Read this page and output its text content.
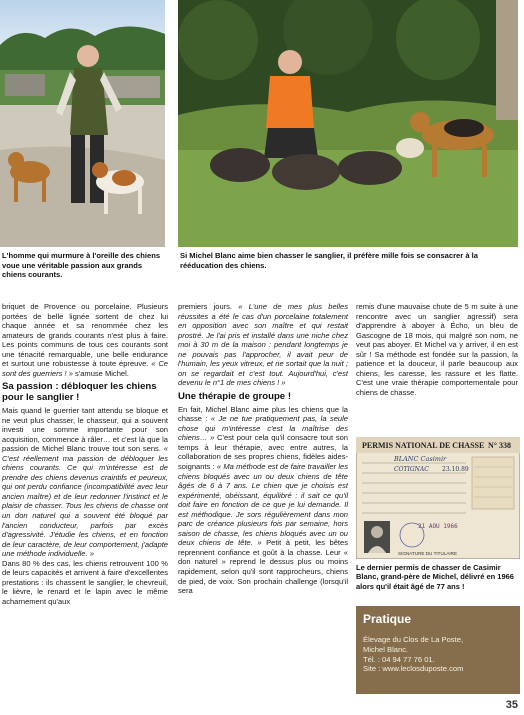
L'homme qui murmure à l'oreille des chiens voue une véritable passion aux grands chiens courants.
Si Michel Blanc aime bien chasser le sanglier, il préfère mille fois se consacrer à la rééducation des chiens.

briquet de Provence ou porcelaine. Plusieurs portées de belle lignée sortent de chez lui chaque année et sa renommée chez les amateurs de grands courants n'est plus à faire. Les points communs de tous ces courants sont une ténacité remarquable, une belle endurance et surtout une robustesse à toute épreuve. « Ce sont des guerriers ! » s'amuse Michel.

Sa passion : débloquer les chiens pour le sanglier !

Mais quand le guerrier tant attendu se bloque et ne veut plus chasser, le chasseur, qui a souvent investi une somme importante pour son acquisition, commence à râler… et c'est là que la passion de Michel Blanc trouve tout son sens. « C'est réellement ma passion de débloquer les chiens courants. Ce qui m'intéresse est de prendre des chiens devenus craintifs et peureux, qui ont perdu confiance (incompatibilité avec leur ancien maître) et de leur redonner l'instinct et le plaisir de chasser. Tous les chiens de chasse ont un don naturel qui a souvent été bloqué par l'ancien conducteur, parfois par excès d'agressivité. J'étudie les chiens, et en fonction de leur caractère, de leur comportement, j'adapte une méthode individuelle. »

Dans 80 % des cas, les chiens retrouvent 100 % de leurs capacités et arrivent à faire d'excellentes prestations : ils chassent le sanglier, le chevreuil, le lièvre, le renard et le lapin avec le même acharnement qu'aux

premiers jours. « L'une de mes plus belles réussites a été le cas d'un porcelaine totalement en opposition avec son maître et qui restait prostré. Je l'ai pris et installé dans une niche chez moi à 30 m de la maison : pendant longtemps je ne pouvais pas l'approcher, il avait peur de l'humain, les yeux vitreux, et ne sortait que la nuit ; on se regardait et c'est tout. Aujourd'hui, c'est devenu le n°1 de mes chiens ! »

Une thérapie de groupe !

En fait, Michel Blanc aime plus les chiens que la chasse : « Je ne tue pratiquement pas, la seule chose qui m'intéresse c'est la maîtrise des chiens… » C'est pour cela qu'il consacre tout son temps à leur thérapie, avec entre autres, la collaboration de ses propres chiens, fidèles aides-soignants : « Ma méthode est de faire travailler les chiens bloqués avec un ou deux chiens de tête âgés de 6 à 7 ans. Le chien que je choisis est expérimenté, obéissant, équilibré : il sait ce qu'il doit faire en fonction de ce que je lui demande. Il est méthodique. Je sors régulièrement dans mon parc de créance plusieurs fois par semaine, hors saison de chasse, les chiens bloqués avec un ou deux chiens de tête. » Petit à petit, les bêtes reprennent confiance et goût à la chasse. Leur « don naturel » reprend le dessus plus ou moins rapidement, selon qu'il sont rapprocheurs, chiens de pied, de voix. Son prochain challenge (lorsqu'il sera

remis d'une mauvaise chute de 5 m suite à une rencontre avec un sanglier agressif) sera d'apprendre à aboyer à Écho, un bleu de Gascogne de 18 mois, qui malgré son nom, ne veut pas aboyer. Et Michel va y arriver, il en est sûr ! Sa méthode est fondée sur la passion, la patience et la douceur, il parle beaucoup aux chiens, les caresse, les rassure et les flatte. C'est une vraie thérapie comportementale pour chiens de chasse.

PERMIS NATIONAL DE CHASSE N° 338
BLANC Casimir
COTIGNAC 23.10.89
21 AOU 1966
SIGNATURE DU TITULAIRE
Le dernier permis de chasser de Casimir Blanc, grand-père de Michel, délivré en 1966 alors qu'il était âgé de 77 ans !
Pratique
Élevage du Clos de La Poste,
Michel Blanc.
Tél. : 04 94 77 76 01.
Site : www.leclosduposte.com
35
